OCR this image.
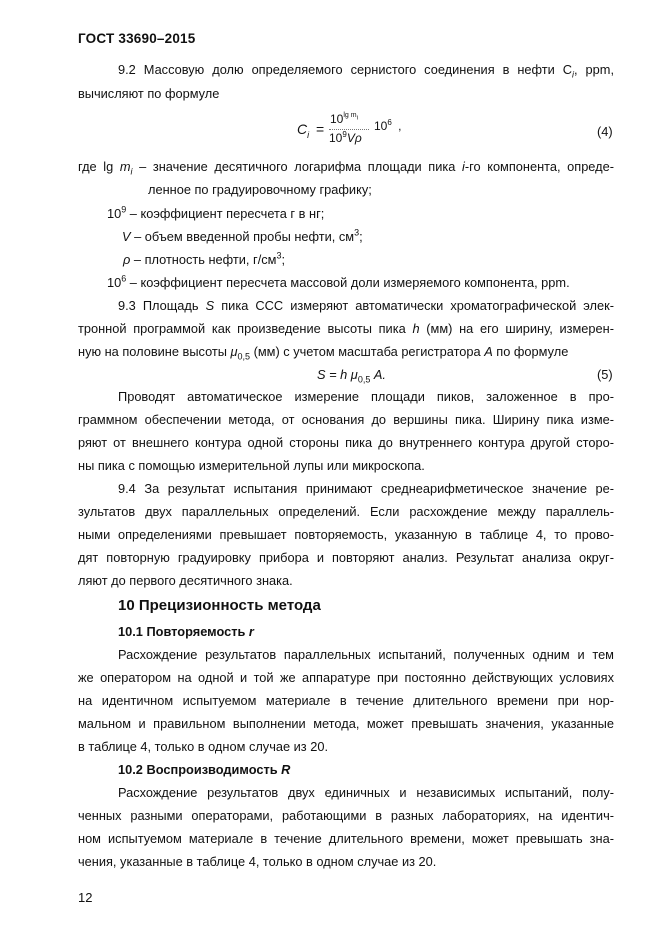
ГОСТ 33690–2015
9.2 Массовую долю определяемого сернистого соединения в нефти $C_i$, ppm,
вычисляют по формуле
$C_i$ =
$10^{lg m_i}$
$10^9V\rho$
$10^6$ ,	(4)
где $\lg m_i$ – значение десятичного логарифма площади пика i-го компонента, опреде-
ленное по градуировочному графику;
$10^9$ – коэффициент пересчета г в нг;
V – объем введенной пробы нефти, $см^3$;
ρ – плотность нефти, $г/см^3$;
$10^6$ – коэффициент пересчета массовой доли измеряемого компонента, ppm.
9.3 Площадь S пика ССС измеряют автоматически хроматографической элек-
тронной программой как произведение высоты пика h (мм) на его ширину, измерен-
ную на половине высоты $\mu_{0,5}$ (мм) с учетом масштаба регистратора A по формуле
S = h $\mu_{0,5}$ A.	(5)
Проводят автоматическое измерение площади пиков, заложенное в про-
граммном обеспечении метода, от основания до вершины пика. Ширину пика изме-
ряют от внешнего контура одной стороны пика до внутреннего контура другой сторо-
ны пика с помощью измерительной лупы или микроскопа.
9.4 За результат испытания принимают среднеарифметическое значение ре-
зультатов двух параллельных определений. Если расхождение между параллель-
ными определениями превышает повторяемость, указанную в таблице 4, то прово-
дят повторную градуировку прибора и повторяют анализ. Результат анализа округ-
ляют до первого десятичного знака.
10 Прецизионность метода
10.1 Повторяемость r
Расхождение результатов параллельных испытаний, полученных одним и тем
же оператором на одной и той же аппаратуре при постоянно действующих условиях
на идентичном испытуемом материале в течение длительного времени при нор-
мальном и правильном выполнении метода, может превышать значения, указанные
в таблице 4, только в одном случае из 20.
10.2 Воспроизводимость R
Расхождение результатов двух единичных и независимых испытаний, полу-
ченных разными операторами, работающими в разных лабораториях, на идентич-
ном испытуемом материале в течение длительного времени, может превышать зна-
чения, указанные в таблице 4, только в одном случае из 20.
12
